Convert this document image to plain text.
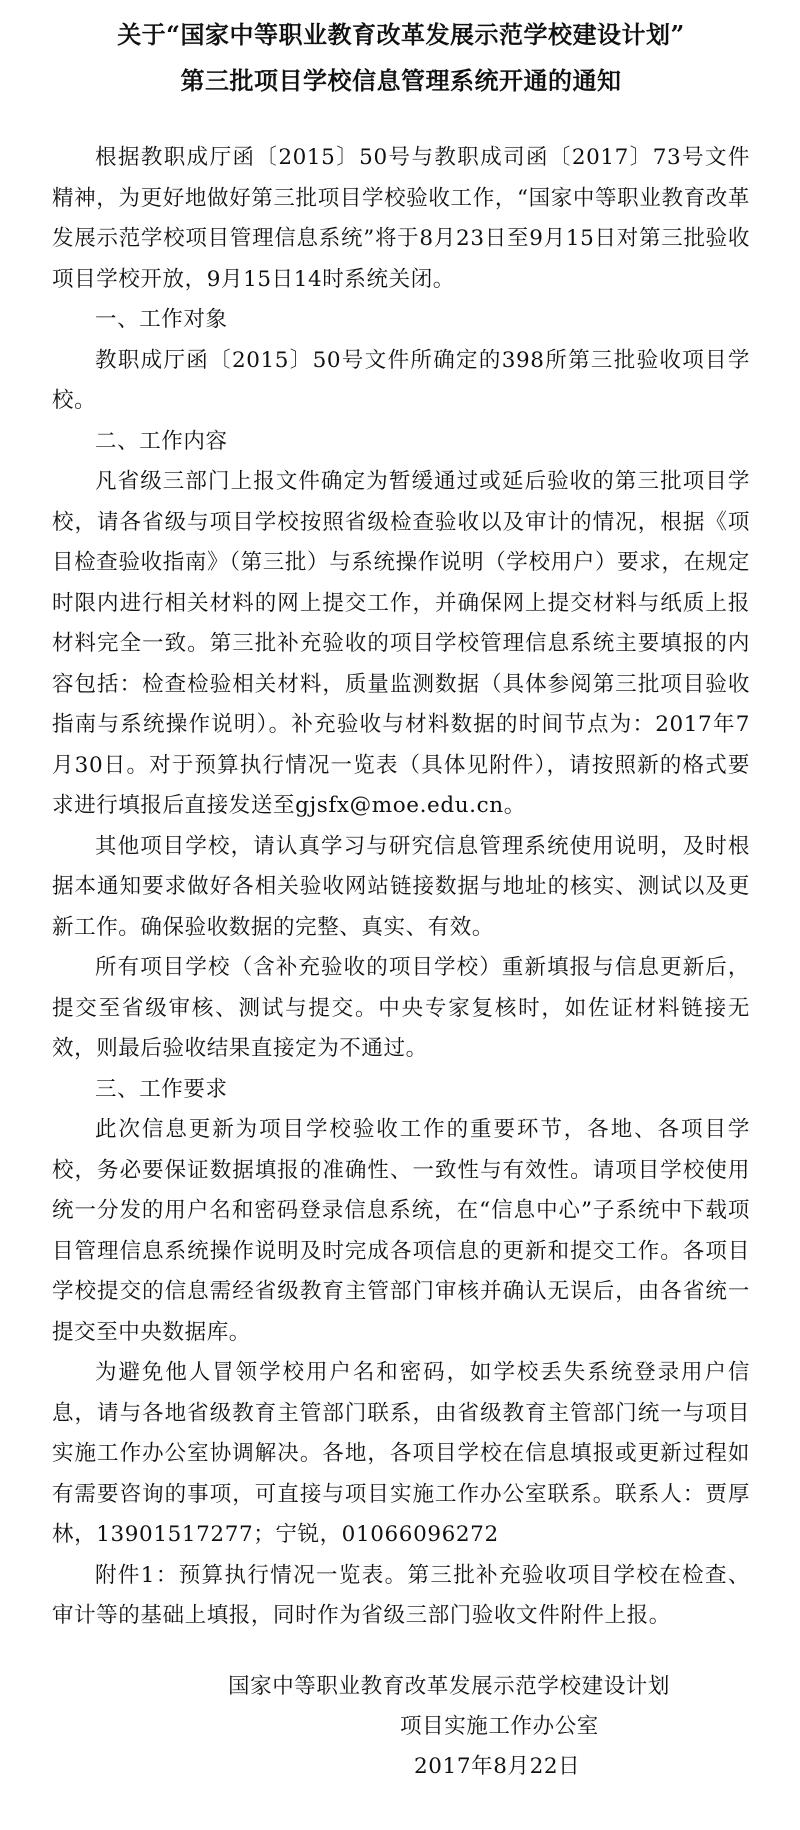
关于“国家中等职业教育改革发展示范学校建设计划”
第三批项目学校信息管理系统开通的通知

根据教职成厅函〔2015〕50号与教职成司函〔2017〕73号文件精神，为更好地做好第三批项目学校验收工作，“国家中等职业教育改革发展示范学校项目管理信息系统”将于8月23日至9月15日对第三批验收项目学校开放，9月15日14时系统关闭。

一、工作对象

教职成厅函〔2015〕50号文件所确定的398所第三批验收项目学校。

二、工作内容

凡省级三部门上报文件确定为暂缓通过或延后验收的第三批项目学校，请各省级与项目学校按照省级检查验收以及审计的情况，根据《项目检查验收指南》（第三批）与系统操作说明（学校用户）要求，在规定时限内进行相关材料的网上提交工作，并确保网上提交材料与纸质上报材料完全一致。第三批补充验收的项目学校管理信息系统主要填报的内容包括：检查检验相关材料，质量监测数据（具体参阅第三批项目验收指南与系统操作说明）。补充验收与材料数据的时间节点为：2017年7月30日。对于预算执行情况一览表（具体见附件），请按照新的格式要求进行填报后直接发送至gjsfx@moe.edu.cn。

其他项目学校，请认真学习与研究信息管理系统使用说明，及时根据本通知要求做好各相关验收网站链接数据与地址的核实、测试以及更新工作。确保验收数据的完整、真实、有效。

所有项目学校（含补充验收的项目学校）重新填报与信息更新后，提交至省级审核、测试与提交。中央专家复核时，如佐证材料链接无效，则最后验收结果直接定为不通过。

三、工作要求

此次信息更新为项目学校验收工作的重要环节，各地、各项目学校，务必要保证数据填报的准确性、一致性与有效性。请项目学校使用统一分发的用户名和密码登录信息系统，在“信息中心”子系统中下载项目管理信息系统操作说明及时完成各项信息的更新和提交工作。各项目学校提交的信息需经省级教育主管部门审核并确认无误后，由各省统一提交至中央数据库。

为避免他人冒领学校用户名和密码，如学校丢失系统登录用户信息，请与各地省级教育主管部门联系，由省级教育主管部门统一与项目实施工作办公室协调解决。各地，各项目学校在信息填报或更新过程如有需要咨询的事项，可直接与项目实施工作办公室联系。联系人：贾厚林，13901517277；宁锐，01066096272

附件1：预算执行情况一览表。第三批补充验收项目学校在检查、审计等的基础上填报，同时作为省级三部门验收文件附件上报。

国家中等职业教育改革发展示范学校建设计划

项目实施工作办公室

2017年8月22日
